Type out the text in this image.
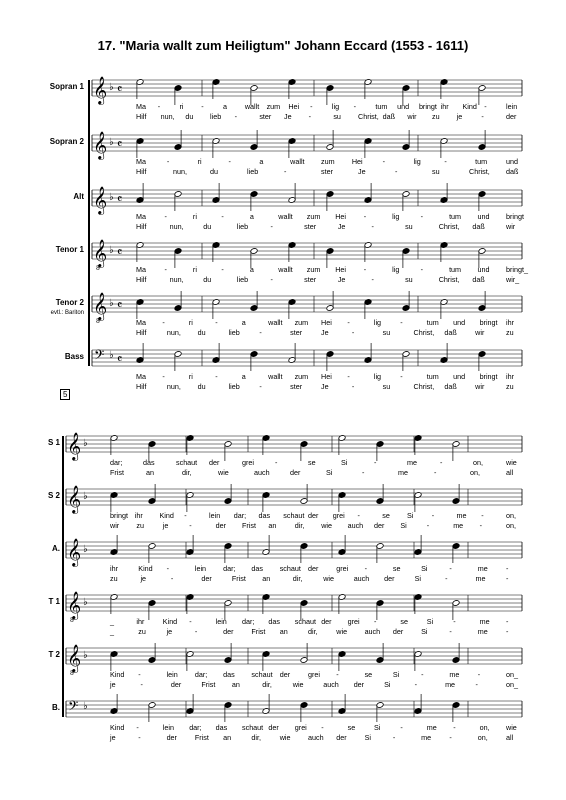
17. "Maria wallt zum Heiligtum" Johann Eccard (1553 - 1611)
5
𝄞 ♭ 𝄴
𝄞 ♭ 𝄴
𝄞 ♭ 𝄴
𝄞
8
♭ 𝄴
𝄞
8
♭ 𝄴
𝄢 ♭ 𝄴
𝄞 ♭
𝄞 ♭
𝄞 ♭
𝄞
8
♭
𝄞
8
♭
𝄢 ♭
Sopran 1
Ma -	ri -	a wallt zum Hei -	lig -	tum und bringt ihr Kind -	lein
Hilf nun, du lieb -	ster Je -	su Christ, daß wir zu je	-	der
Sopran 2
Ma	-	ri	-	a	wallt zum Hei	-	lig	-	tum	und
Hilf	nun,	du	lieb	-	ster	Je	-	su	Christ, daß
Alt
Ma	-	ri	-	a	wallt zum Hei -	lig	-	tum und bringt
Hilf	nun,	du	lieb	-	ster	Je	-	su	Christ, daß	wir
Tenor 1
Ma	-	ri	-	a	wallt zum Hei -	lig	-	tum und bringt_
Hilf	nun,	du	lieb	-	ster	Je	-	su	Christ, daß	wir_
Tenor 2
evtl.: Bariton
Ma -	ri	-	a	wallt zum Hei -	lig	-	tum und bringt ihr
Hilf	nun, du	lieb	-	ster	Je	-	su	Christ, daß	wir	zu
Bass
Ma -	ri	-	a	wallt zum Hei -	lig	-	tum und bringt ihr
Hilf	nun, du	lieb	-	ster	Je	-	su	Christ, daß	wir	zu
S 1
dar;	das	schaut der	grei	-	se	Si	-	me	-	on,	wie
Frist	an	dir,	wie	auch	der	Si	-	me	-	on,	all
S 2
bringt ihr Kind -	lein dar; das schaut der grei -	se Si	-	me -	on,
wir zu	je	-	der Frist an	dir, wie auch der Si	-	me -	on,
A.
ihr	Kind -	lein dar; das schaut der grei -	se	Si	-	me	-
zu	je	-	der	Frist an	dir,	wie	auch der	Si	-	me	-
T 1
_	ihr	Kind -	lein dar; das schaut der grei -	se	Si	-	me -
_	zu	je	-	der Frist an	dir,	wie auch der Si	-	me	-
T 2
Kind -	lein dar; das schaut der grei -	se	Si	-	me	-	on_
je	-	der	Frist an	dir,	wie	auch der	Si	-	me	-	on_
B.
Kind -	lein dar; das schaut der grei -	se	Si	-	me -	on, wie
je	-	der Frist an	dir,	wie auch der Si	-	me	-	on,	all
